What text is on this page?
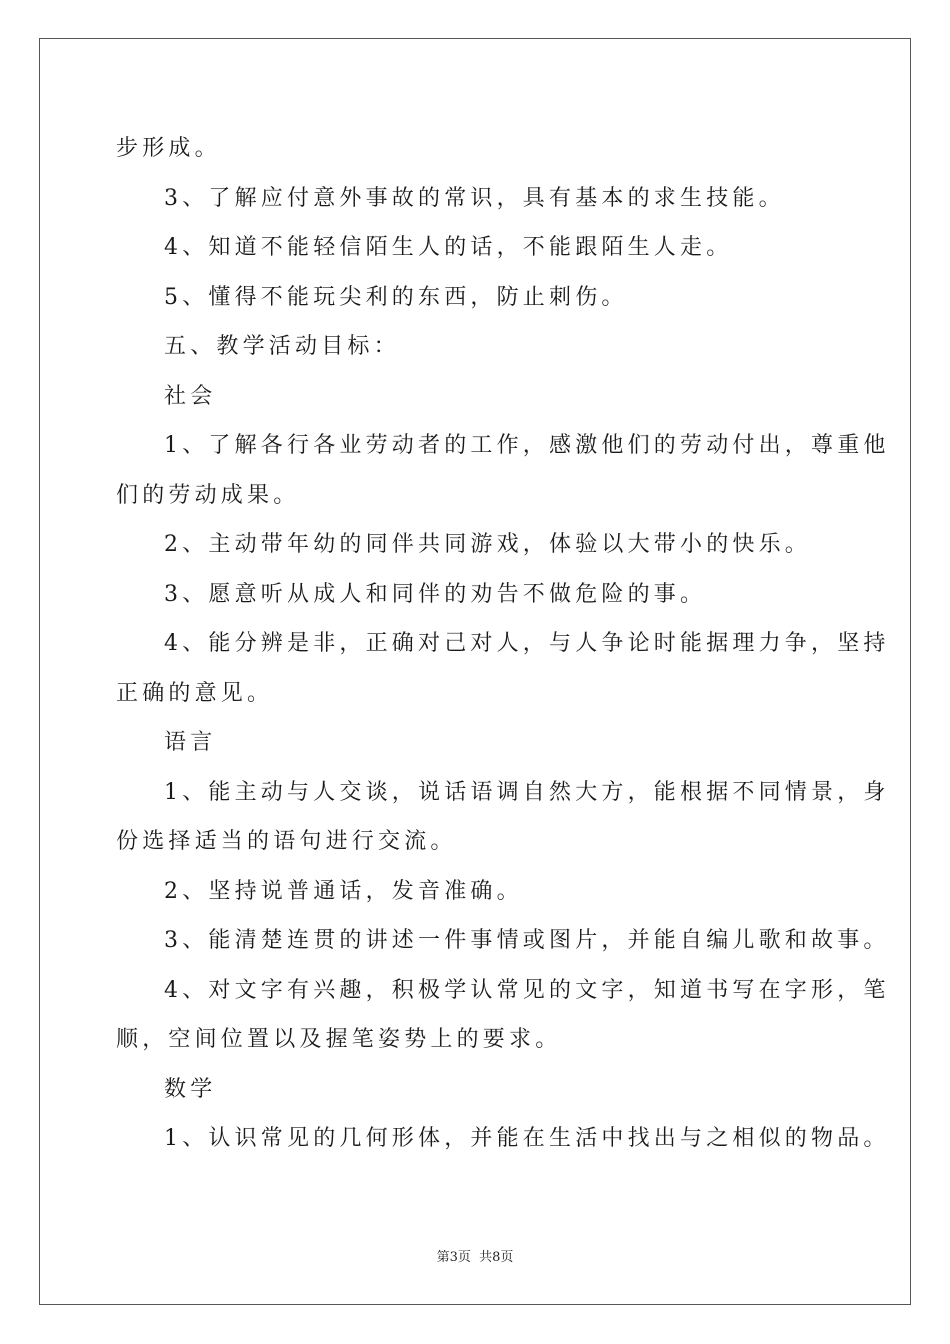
步形成。
3、了解应付意外事故的常识，具有基本的求生技能。
4、知道不能轻信陌生人的话，不能跟陌生人走。
5、懂得不能玩尖利的东西，防止刺伤。
五、教学活动目标：
社会
1、了解各行各业劳动者的工作，感激他们的劳动付出，尊重他
们的劳动成果。
2、主动带年幼的同伴共同游戏，体验以大带小的快乐。
3、愿意听从成人和同伴的劝告不做危险的事。
4、能分辨是非，正确对己对人，与人争论时能据理力争，坚持
正确的意见。
语言
1、能主动与人交谈，说话语调自然大方，能根据不同情景，身
份选择适当的语句进行交流。
2、坚持说普通话，发音准确。
3、能清楚连贯的讲述一件事情或图片，并能自编儿歌和故事。
4、对文字有兴趣，积极学认常见的文字，知道书写在字形，笔
顺，空间位置以及握笔姿势上的要求。
数学
1、认识常见的几何形体，并能在生活中找出与之相似的物品。
第3页 共8页
